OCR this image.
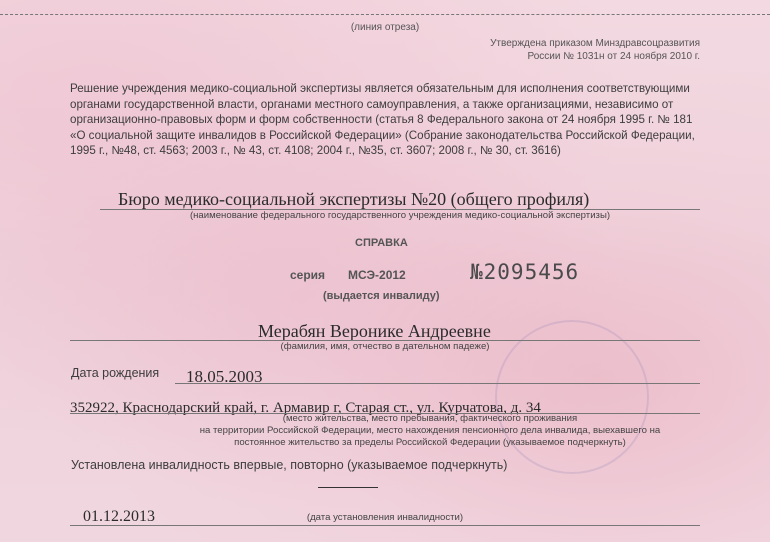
(линия отреза)
Утверждена приказом Минздравсоцразвития
России № 1031н от 24 ноября 2010 г.
Решение учреждения медико-социальной экспертизы является обязательным для исполнения соответствующими органами государственной власти, органами местного самоуправления, а также организациями, независимо от организационно-правовых форм и форм собственности (статья 8 Федерального закона от 24 ноября 1995 г. № 181 «О социальной защите инвалидов в Российской Федерации» (Собрание законодательства Российской Федерации, 1995 г., №48, ст. 4563; 2003 г., № 43, ст. 4108; 2004 г., №35, ст. 3607; 2008 г., № 30, ст. 3616)
Бюро медико-социальной экспертизы №20 (общего профиля)
(наименование федерального государственного учреждения медико-социальной экспертизы)
СПРАВКА
серия МСЭ-2012	№2095456
(выдается инвалиду)
Мерабян Веронике Андреевне
(фамилия, имя, отчество в дательном падеже)
Дата рождения 18.05.2003
352922, Краснодарский край, г. Армавир г, Старая ст., ул. Курчатова, д. 34
(место жительства, место пребывания, фактического проживания
на территории Российской Федерации, место нахождения пенсионного дела инвалида, выехавшего на
постоянное жительство за пределы Российской Федерации (указываемое подчеркнуть)
Установлена инвалидность впервые, повторно (указываемое подчеркнуть)
01.12.2013	(дата установления инвалидности)
